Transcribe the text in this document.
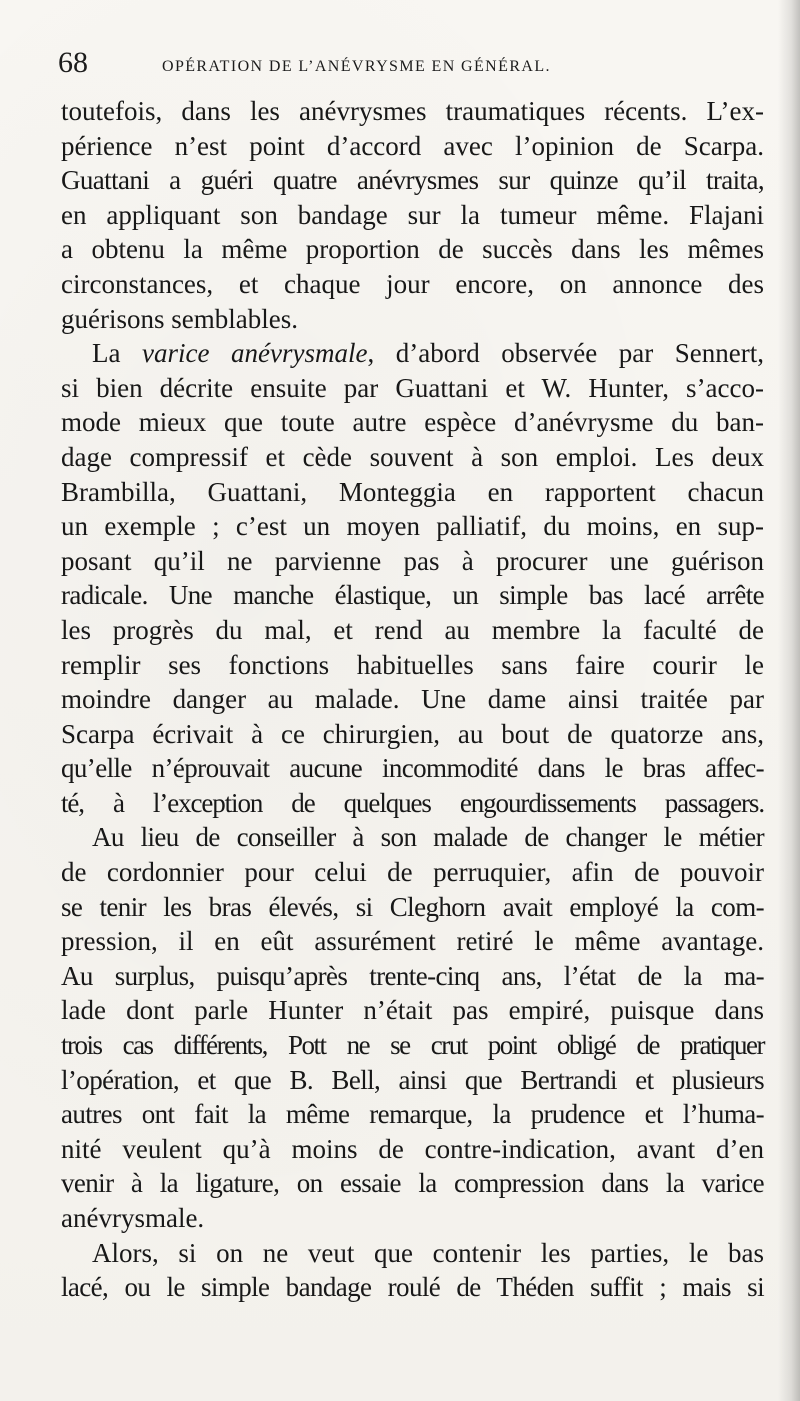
68	OPÉRATION DE L’ANÉVRYSME EN GÉNÉRAL.
toutefois, dans les anévrysmes traumatiques récents. L’ex-
périence n’est point d’accord avec l’opinion de Scarpa.
Guattani a guéri quatre anévrysmes sur quinze qu’il traita,
en appliquant son bandage sur la tumeur même. Flajani
a obtenu la même proportion de succès dans les mêmes
circonstances, et chaque jour encore, on annonce des
guérisons semblables.
La varice anévrysmale, d’abord observée par Sennert,
si bien décrite ensuite par Guattani et W. Hunter, s’acco-
mode mieux que toute autre espèce d’anévrysme du ban-
dage compressif et cède souvent à son emploi. Les deux
Brambilla, Guattani, Monteggia en rapportent chacun
un exemple ; c’est un moyen palliatif, du moins, en sup-
posant qu’il ne parvienne pas à procurer une guérison
radicale. Une manche élastique, un simple bas lacé arrête
les progrès du mal, et rend au membre la faculté de
remplir ses fonctions habituelles sans faire courir le
moindre danger au malade. Une dame ainsi traitée par
Scarpa écrivait à ce chirurgien, au bout de quatorze ans,
qu’elle n’éprouvait aucune incommodité dans le bras affec-
té, à l’exception de quelques engourdissements passagers.
Au lieu de conseiller à son malade de changer le métier
de cordonnier pour celui de perruquier, afin de pouvoir
se tenir les bras élevés, si Cleghorn avait employé la com-
pression, il en eût assurément retiré le même avantage.
Au surplus, puisqu’après trente-cinq ans, l’état de la ma-
lade dont parle Hunter n’était pas empiré, puisque dans
trois cas différents, Pott ne se crut point obligé de pratiquer
l’opération, et que B. Bell, ainsi que Bertrandi et plusieurs
autres ont fait la même remarque, la prudence et l’huma-
nité veulent qu’à moins de contre-indication, avant d’en
venir à la ligature, on essaie la compression dans la varice
anévrysmale.
Alors, si on ne veut que contenir les parties, le bas
lacé, ou le simple bandage roulé de Théden suffit ; mais si
